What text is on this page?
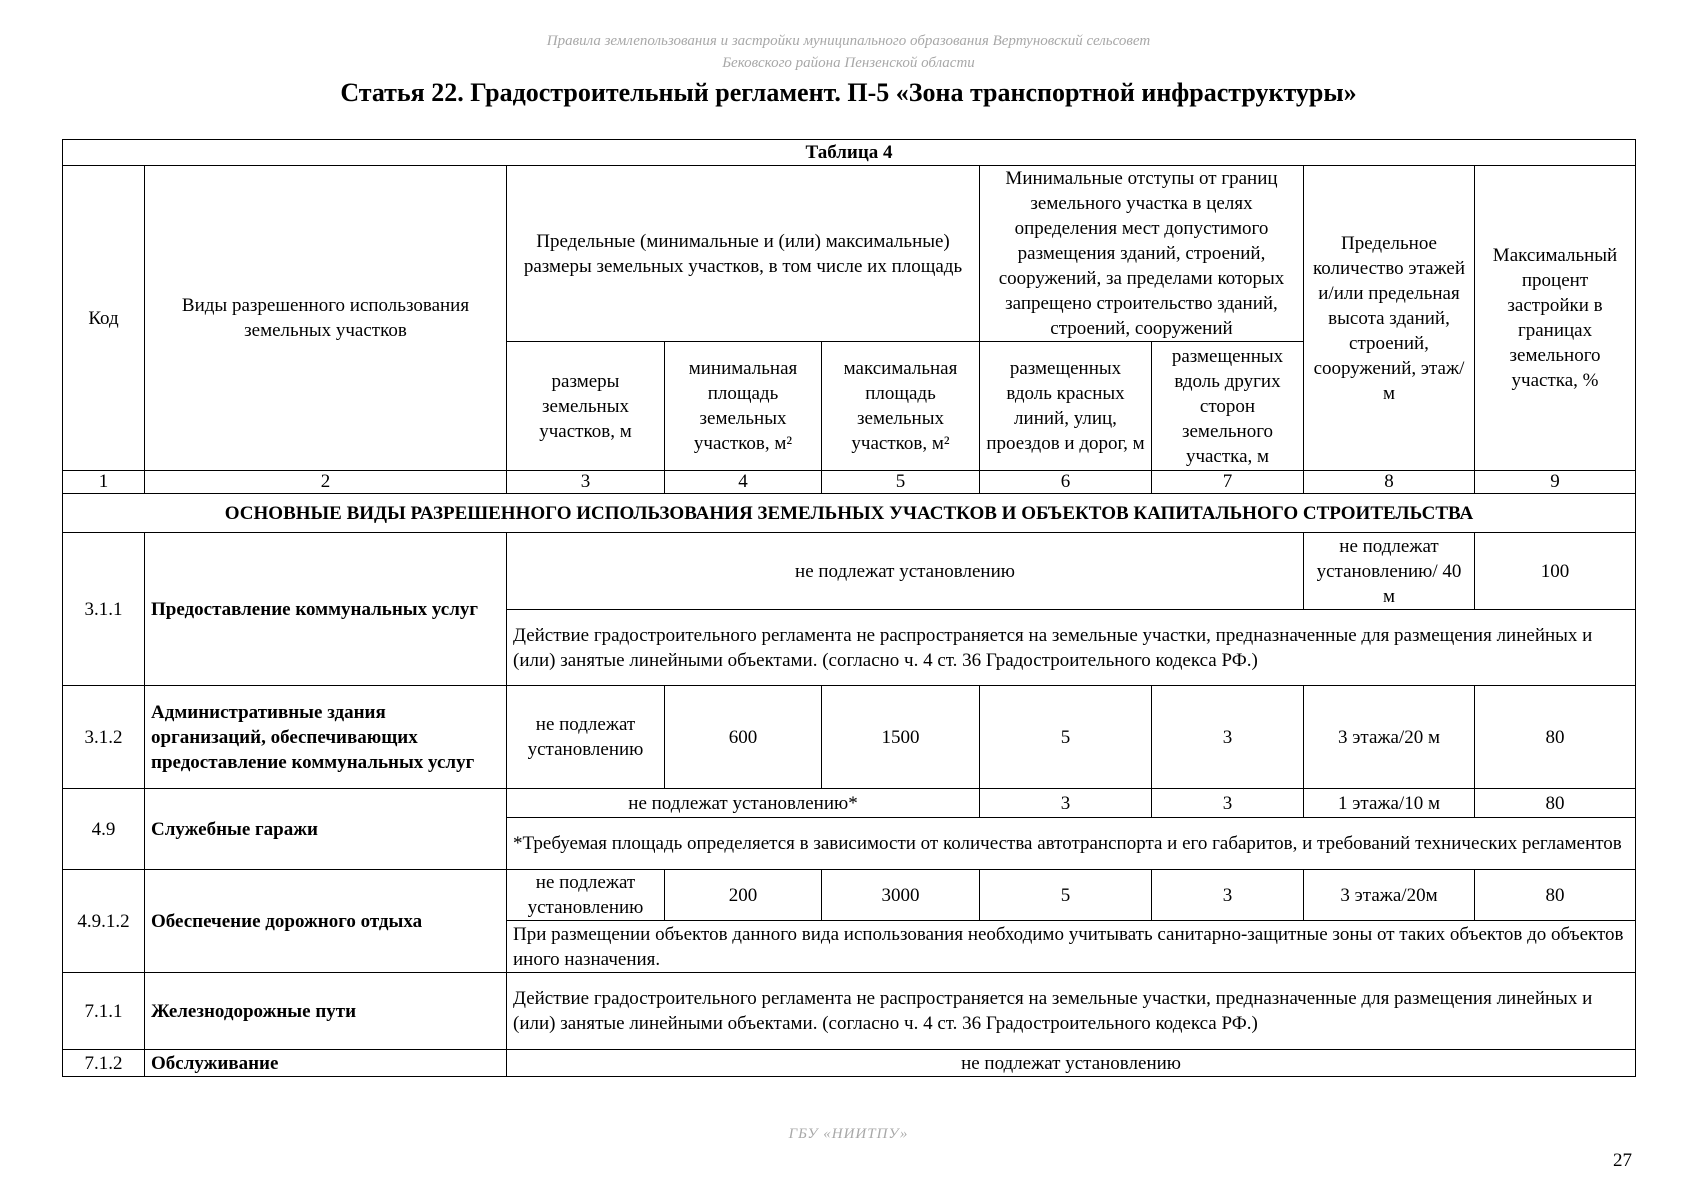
Правила землепользования и застройки муниципального образования Вертуновский сельсовет
Бековского района Пензенской области
Статья 22. Градостроительный регламент. П-5 «Зона транспортной инфраструктуры»
Таблица 4								
Код	Виды разрешенного использования земельных участков	Предельные (минимальные и (или) максимальные) размеры земельных участков, в том числе их площадь			Минимальные отступы от границ земельного участка в целях определения мест допустимого размещения зданий, строений, сооружений, за пределами которых запрещено строительство зданий, строений, сооружений		Предельное количество этажей и/или предельная высота зданий, строений, сооружений, этаж/м	Максимальный процент застройки в границах земельного участка, %
		размеры земельных участков, м	минимальная площадь земельных участков, м²	максимальная площадь земельных участков, м²	размещенных вдоль красных линий, улиц, проездов и дорог, м	размещенных вдоль других сторон земельного участка, м		
1	2	3	4	5	6	7	8	9
ОСНОВНЫЕ ВИДЫ РАЗРЕШЕННОГО ИСПОЛЬЗОВАНИЯ ЗЕМЕЛЬНЫХ УЧАСТКОВ И ОБЪЕКТОВ КАПИТАЛЬНОГО СТРОИТЕЛЬСТВА								
3.1.1	Предоставление коммунальных услуг	не подлежат установлению					не подлежат установлению/ 40 м	100
		Действие градостроительного регламента не распространяется на земельные участки, предназначенные для размещения линейных и (или) занятые линейными объектами. (согласно ч. 4 ст. 36 Градостроительного кодекса РФ.)						
3.1.2	Административные здания организаций, обеспечивающих предоставление коммунальных услуг	не подлежат установлению	600	1500	5	3	3 этажа/20 м	80
4.9	Служебные гаражи	не подлежат установлению*			3	3	1 этажа/10 м	80
		*Требуемая площадь определяется в зависимости от количества автотранспорта и его габаритов, и требований технических регламентов						
4.9.1.2	Обеспечение дорожного отдыха	не подлежат установлению	200	3000	5	3	3 этажа/20м	80
		При размещении объектов данного вида использования необходимо учитывать санитарно-защитные зоны от таких объектов до объектов иного назначения.						
7.1.1	Железнодорожные пути	Действие градостроительного регламента не распространяется на земельные участки, предназначенные для размещения линейных и (или) занятые линейными объектами. (согласно ч. 4 ст. 36 Градостроительного кодекса РФ.)						
7.1.2	Обслуживание	не подлежат установлению						
ГБУ «НИИТПУ»
27
